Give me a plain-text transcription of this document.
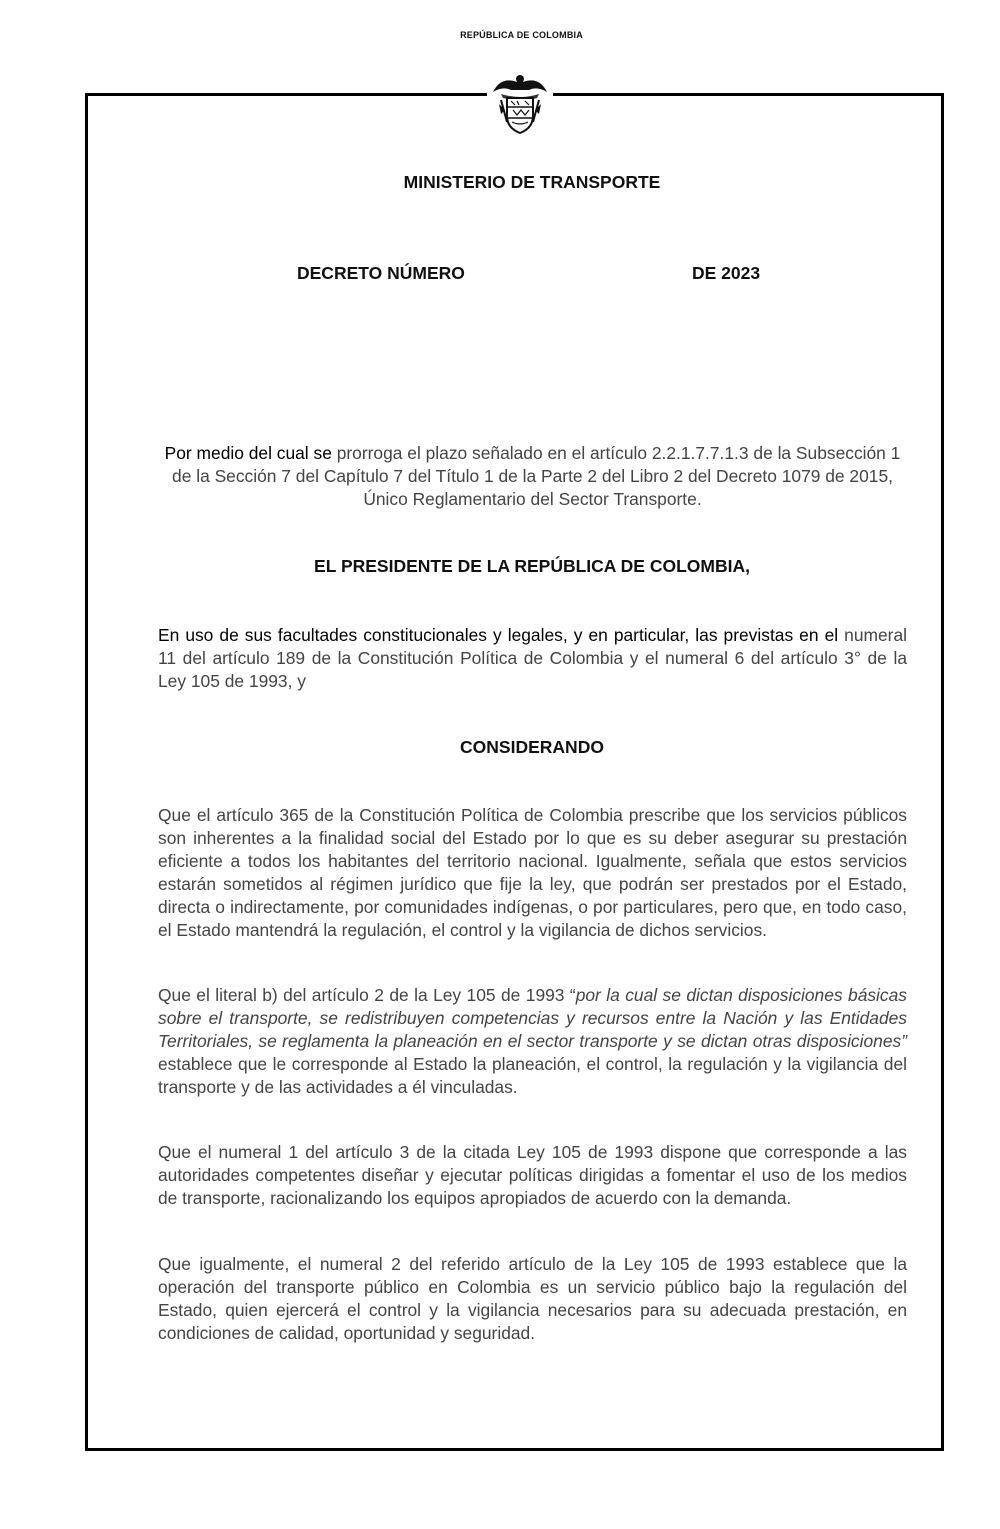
REPÚBLICA DE COLOMBIA
MINISTERIO DE TRANSPORTE
DECRETO NÚMERO	DE 2023
Por medio del cual se prorroga el plazo señalado en el artículo 2.2.1.7.7.1.3 de la Subsección 1 de la Sección 7 del Capítulo 7 del Título 1 de la Parte 2 del Libro 2 del Decreto 1079 de 2015, Único Reglamentario del Sector Transporte.
EL PRESIDENTE DE LA REPÚBLICA DE COLOMBIA,
En uso de sus facultades constitucionales y legales, y en particular, las previstas en el numeral 11 del artículo 189 de la Constitución Política de Colombia y el numeral 6 del artículo 3° de la Ley 105 de 1993, y
CONSIDERANDO
Que el artículo 365 de la Constitución Política de Colombia prescribe que los servicios públicos son inherentes a la finalidad social del Estado por lo que es su deber asegurar su prestación eficiente a todos los habitantes del territorio nacional. Igualmente, señala que estos servicios estarán sometidos al régimen jurídico que fije la ley, que podrán ser prestados por el Estado, directa o indirectamente, por comunidades indígenas, o por particulares, pero que, en todo caso, el Estado mantendrá la regulación, el control y la vigilancia de dichos servicios.
Que el literal b) del artículo 2 de la Ley 105 de 1993 “por la cual se dictan disposiciones básicas sobre el transporte, se redistribuyen competencias y recursos entre la Nación y las Entidades Territoriales, se reglamenta la planeación en el sector transporte y se dictan otras disposiciones” establece que le corresponde al Estado la planeación, el control, la regulación y la vigilancia del transporte y de las actividades a él vinculadas.
Que el numeral 1 del artículo 3 de la citada Ley 105 de 1993 dispone que corresponde a las autoridades competentes diseñar y ejecutar políticas dirigidas a fomentar el uso de los medios de transporte, racionalizando los equipos apropiados de acuerdo con la demanda.
Que igualmente, el numeral 2 del referido artículo de la Ley 105 de 1993 establece que la operación del transporte público en Colombia es un servicio público bajo la regulación del Estado, quien ejercerá el control y la vigilancia necesarios para su adecuada prestación, en condiciones de calidad, oportunidad y seguridad.
